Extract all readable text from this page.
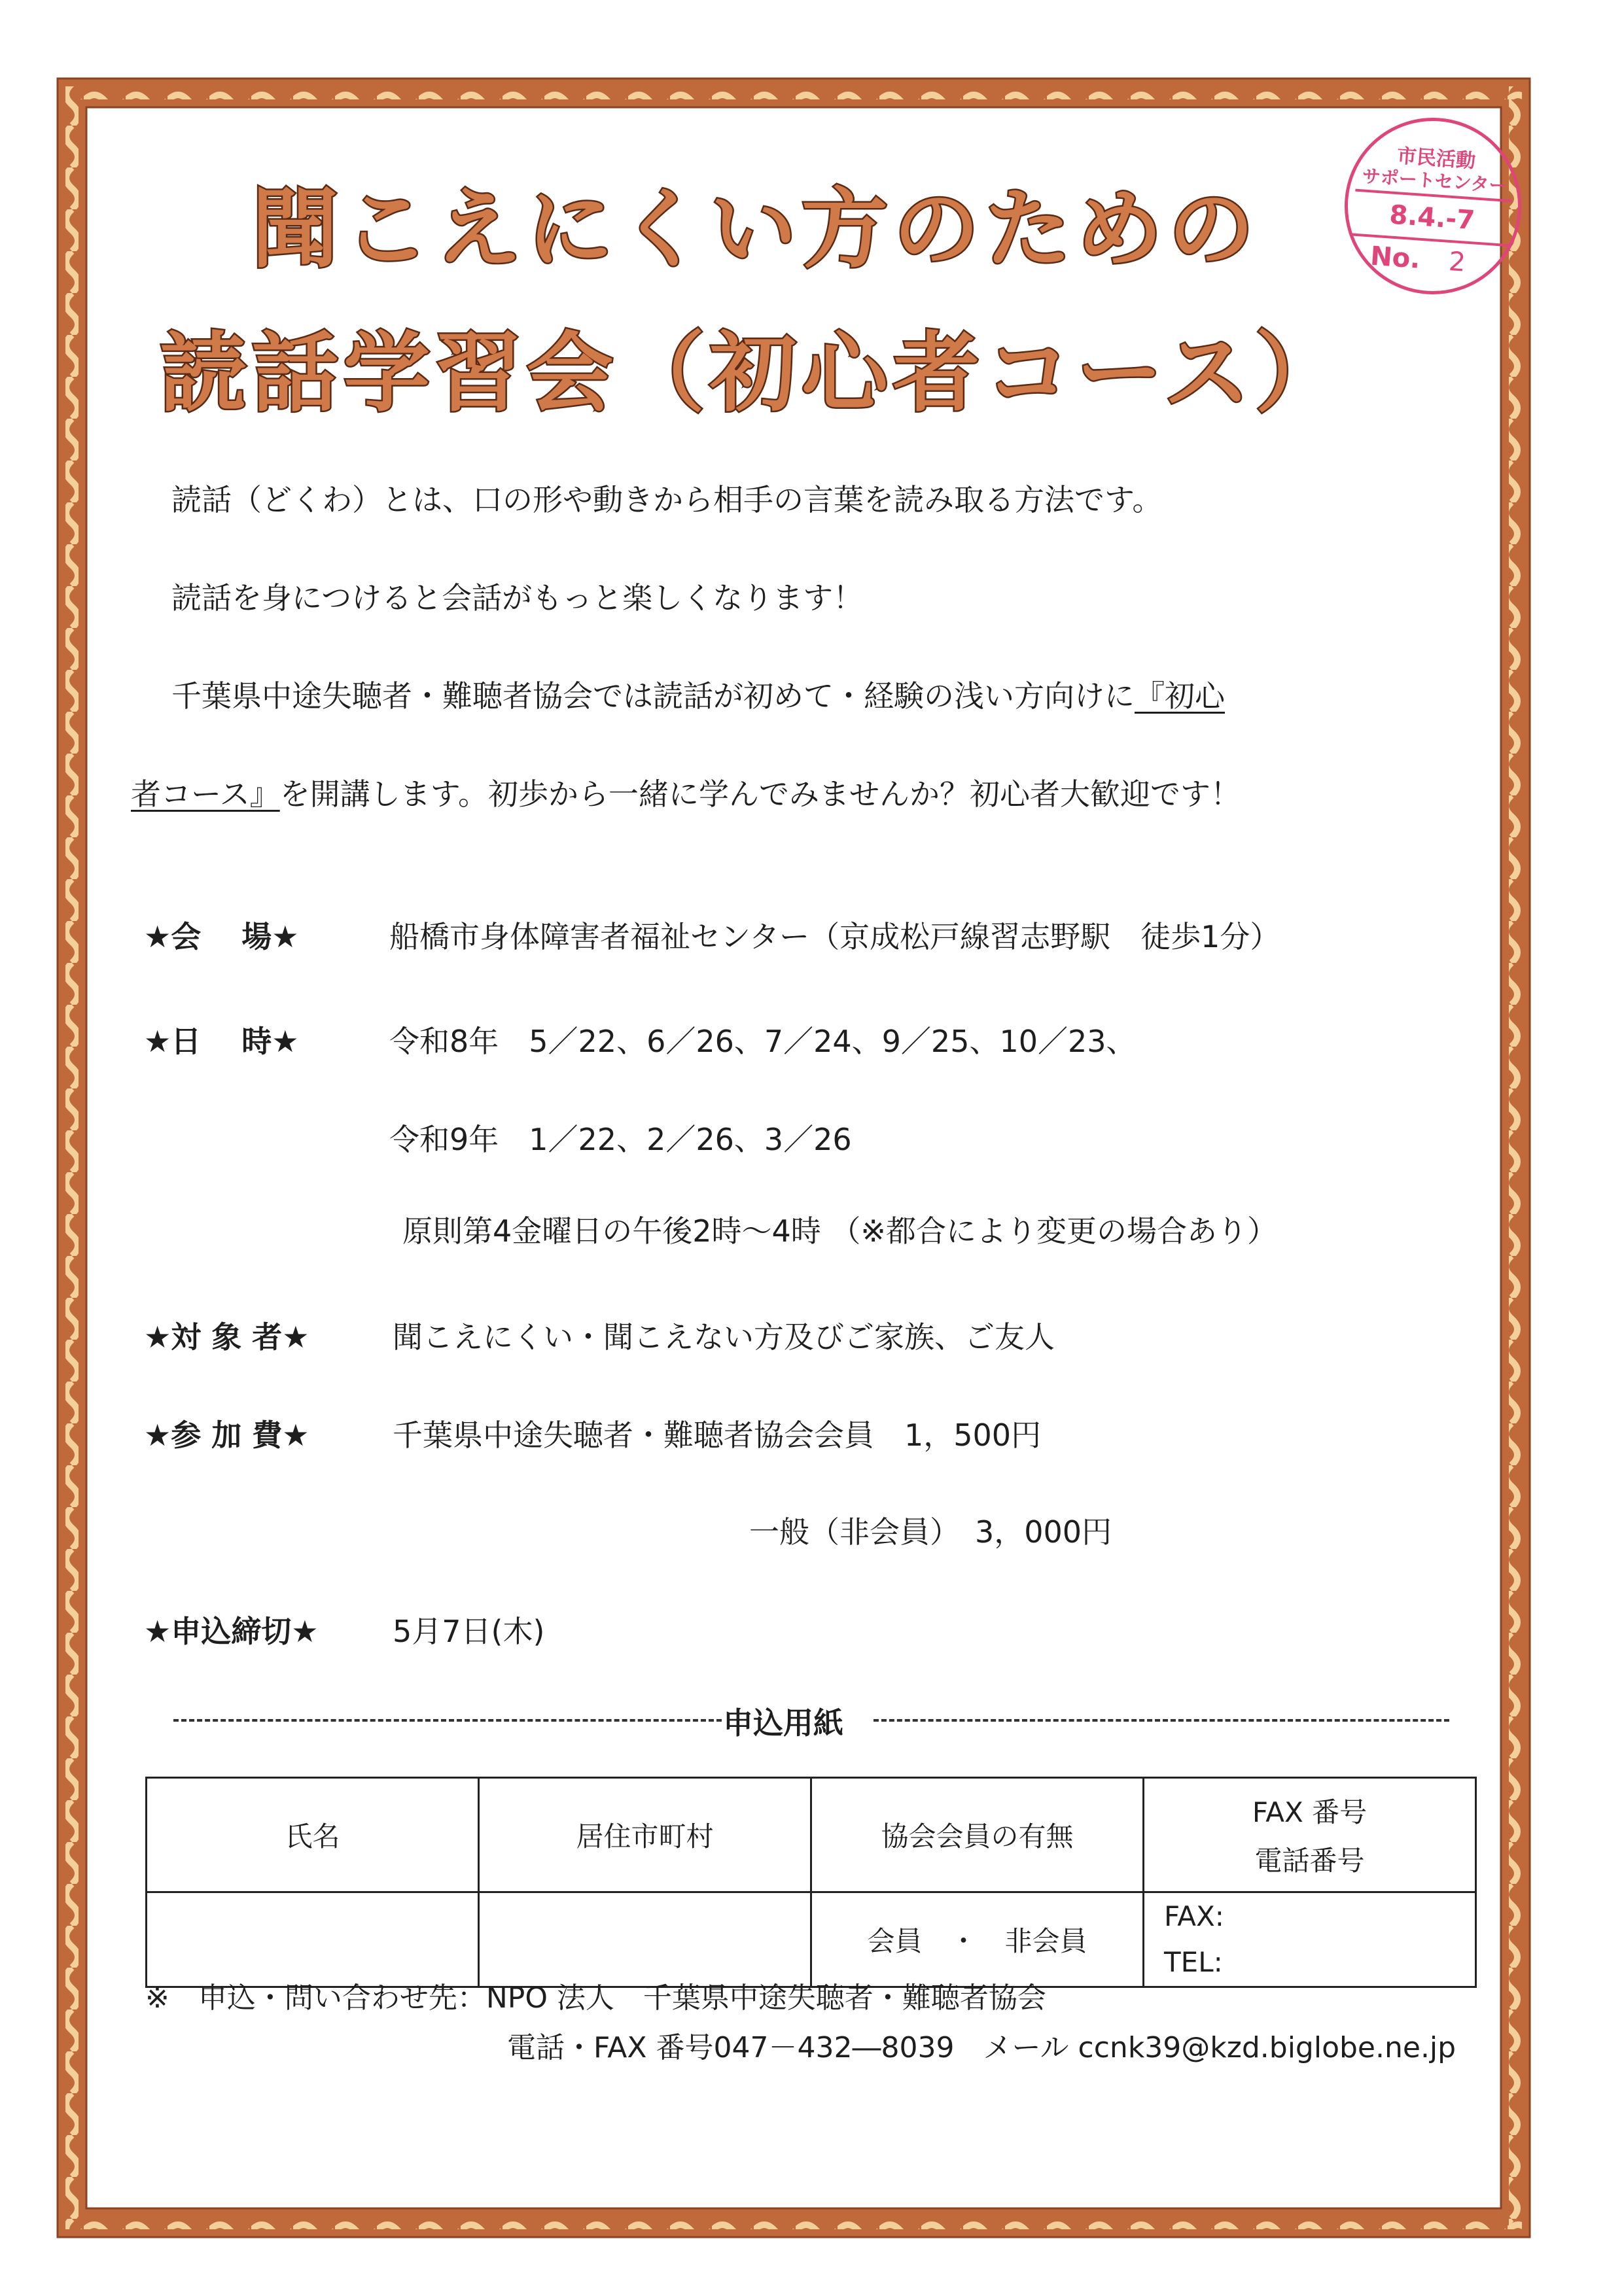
市民活動
サポートセンター
8.4.-7
No. 2
聞こえにくい方のための
読話学習会（初心者コース）
読話（どくわ）とは、口の形や動きから相手の言葉を読み取る方法です。
読話を身につけると会話がもっと楽しくなります！
千葉県中途失聴者・難聴者協会では読話が初めて・経験の浅い方向けに『初心
者コース』を開講します。初歩から一緒に学んでみませんか？初心者大歓迎です！
★会　 場★	船橋市身体障害者福祉センター（京成松戸線習志野駅　徒歩1分）
★日　 時★	令和8年　5／22、6／26、7／24、9／25、10／23、
令和9年　1／22、2／26、3／26
原則第4金曜日の午後2時～4時 （※都合により変更の場合あり）
★対 象 者★	聞こえにくい・聞こえない方及びご家族、ご友人
★参 加 費★	千葉県中途失聴者・難聴者協会会員　1，500円
一般（非会員）　3，000円
★申込締切★ 5月7日(木)
申込用紙
氏名	居住市町村	協会会員の有無	FAX 番号
電話番号

		会員　・　非会員	FAX:
TEL:
※　申込・問い合わせ先：NPO 法人　千葉県中途失聴者・難聴者協会
電話・FAX 番号047－432―8039　メール ccnk39@kzd.biglobe.ne.jp
